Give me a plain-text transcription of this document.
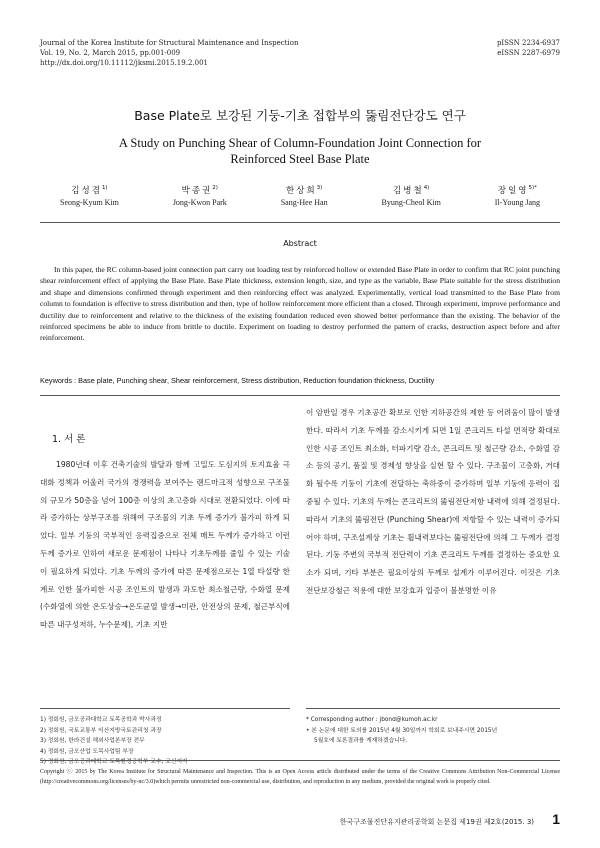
Journal of the Korea Institute for Structural Maintenance and Inspection
Vol. 19, No. 2, March 2015, pp.001-009
http://dx.doi.org/10.11112/jksmi.2015.19.2.001
pISSN 2234-6937
eISSN 2287-6979
Base Plate로 보강된 기둥-기초 접합부의 뚫림전단강도 연구
A Study on Punching Shear of Column-Foundation Joint Connection for
Reinforced Steel Base Plate
김성겸$^{1)}$
Seong-Kyum Kim
박종권$^{2)}$
Jong-Kwon Park
한상희$^{3)}$
Sang-Hee Han
김병철$^{4)}$
Byung-Cheol Kim
장일영$^{5)*}$
Il-Young Jang
Abstract
In this paper, the RC column-based joint connection part carry out loading test by reinforced hollow or extended Base Plate in order to confirm that RC joint punching shear reinforcement effect of applying the Base Plate. Base Plate thickness, extension length, size, and type as the variable, Base Plate suitable for the stress distribution and shape and dimensions confirmed through experiment and then reinforcing effect was analyzed. Experimentally, vertical load transmitted to the Base Plate from column to foundation is effective to stress distribution and then, type of hollow reinforcement more efficient than a closed. Through experiment, improve performance and ductility due to reinforcement and relative to the thickness of the existing foundation reduced even showed better performance than the existing. The behavior of the reinforced specimens be able to induce from brittle to ductile. Experiment on loading to destroy performed the pattern of cracks, destruction aspect before and after reinforcement.
Keywords : Base plate, Punching shear, Shear reinforcement, Stress distribution, Reduction foundation thickness, Ductility
1. 서 론
1980년대 이후 건축기술의 발달과 함께 고밀도 도심지의 토지효율 극대화 정책과 어울러 국가의 경쟁력을 보여주는 랜드마크적 성향으로 구조물의 규모가 50층을 넘어 100층 이상의 초고층화 시대로 전환되었다. 이에 따라 증가하는 상부구조를 위해여 구조물의 기초 두께 증가가 불가피 하게 되었다. 일부 기둥의 국부적인 응력집중으로 전체 매트 두께가 증가하고 이런 두께 증가로 인하여 새로운 문제점이 나타나 기초두께를 줄일 수 있는 기술이 필요하게 되었다. 기초 두께의 증가에 따른 문제점으로는 1열 타설량 한계로 인한 불가피한 시공 조인트의 발생과 과도한 최소철근량, 수화열 문제 (수화열에 의한 온도상승→온도균열 발생→미관, 안전상의 문제, 철근부식에 따른 내구성저하, 누수문제), 기초 지반
이 암반일 경우 기초공간 확보로 인한 지하공간의 제한 등 어려움이 많이 발생한다. 따라서 기초 두께를 감소시키게 되면 1일 콘크리트 타설 면적량 확대로 인한 시공 조인트 최소화, 터파기량 감소, 콘크리트 및 철근량 감소, 수화열 감소 등의 공기, 품질 및 경제성 향상을 실현 할 수 있다. 구조물이 고층화, 거대화 될수록 기둥이 기초에 전달하는 축하중이 증가하며 일부 기둥에 응력이 집중될 수 있다. 기초의 두께는 콘크리트의 뚫림전단저항 내력에 의해 결정된다. 따라서 기초의 뚫림전단 (Punching Shear)에 저항할 수 있는 내력이 증가되어야 하며, 구조설계상 기초는 휨내력보다는 뚫림전단에 의해 그 두께가 결정된다. 기둥 주변의 국부적 전단력이 기초 콘크리트 두께를 결정하는 중요한 요소가 되며, 기타 부분은 필요이상의 두께로 설계가 이루어진다. 이것은 기초 전단보강철근 적용에 대한 보강효과 입증이 불분명한 이유
1) 정회원, 금오공과대학교 토목공학과 박사과정
2) 정회원, 국토교통부 익산지방국토관리청 과장
3) 정회원, 한라건설 해외사업본부장 전무
4) 정회원, 금오산업 도목사업팀 부장
5) 정회원, 금오공과대학교 토목환경공학부 교수, 교신저자
* Corresponding author : jbond@kumoh.ac.kr
• 본 논문에 대한 토의를 2015년 4월 30일까지 학회로 보내주시면 2015년
5월호에 토론결과를 게재하겠습니다.
Copyright ⓒ 2015 by The Korea Institute for Structural Maintenance and Inspection. This is an Open Access article distributed under the terms of the Creative Commons Attribution Non-Commercial License (http://creativecommons.org/licenses/by-nc/3.0)which permits unrestricted non-commercial use, distribution, and reproduction in any medium, provided the original work is properly cited.
한국구조물진단유지관리공학회 논문집 제19권 제2호(2015. 3) 1
